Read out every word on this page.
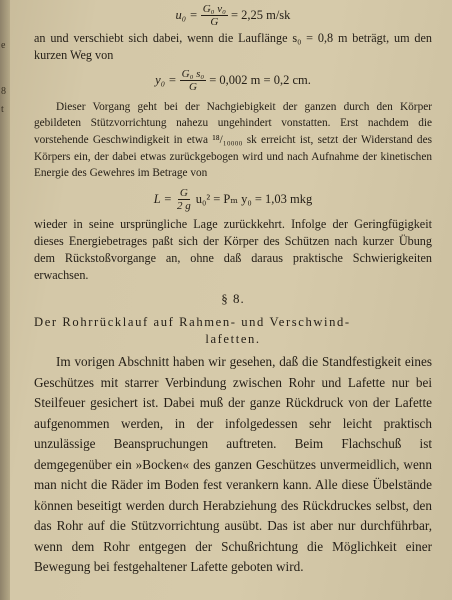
e
8
t
$u_0 = \frac{\text{G₀ v₀}}{G} = 2,25$ m/sk

an und verschiebt sich dabei, wenn die Lauflänge s₀ = 0,8 m beträgt, um den kurzen Weg von

$y_0 = \frac{\text{G₀ s₀}}{G} = 0,002$ m = 0,2 cm.

Dieser Vorgang geht bei der Nachgiebigkeit der ganzen durch den Körper gebildeten Stützvorrichtung nahezu ungehindert vonstatten. Erst nachdem die vorstehende Geschwindigkeit in etwa ¹⁸/₁₀₀₀₀ sk erreicht ist, setzt der Widerstand des Körpers ein, der dabei etwas zurückgebogen wird und nach Aufnahme der kinetischen Energie des Gewehres im Betrage von

$L = \frac{G}{2 g} u_0^2 = P_m$ y₀ = 1,03 mkg

wieder in seine ursprüngliche Lage zurückkehrt. Infolge der Geringfügigkeit dieses Energiebetrages paßt sich der Körper des Schützen nach kurzer Übung dem Rückstoßvorgange an, ohne daß daraus praktische Schwierigkeiten erwachsen.

§ 8.
Der Rohrrücklauf auf Rahmen- und Verschwind-
lafetten.

Im vorigen Abschnitt haben wir gesehen, daß die Standfestigkeit eines Geschützes mit starrer Verbindung zwischen Rohr und Lafette nur bei Steilfeuer gesichert ist. Dabei muß der ganze Rückdruck von der Lafette aufgenommen werden, in der infolgedessen sehr leicht praktisch unzulässige Beanspruchungen auftreten. Beim Flachschuß ist demgegenüber ein »Bocken« des ganzen Geschützes unvermeidlich, wenn man nicht die Räder im Boden fest verankern kann. Alle diese Übelstände können beseitigt werden durch Herabziehung des Rückdruckes selbst, den das Rohr auf die Stützvorrichtung ausübt. Das ist aber nur durchführbar, wenn dem Rohr entgegen der Schußrichtung die Möglichkeit einer Bewegung bei festgehaltener Lafette geboten wird.
